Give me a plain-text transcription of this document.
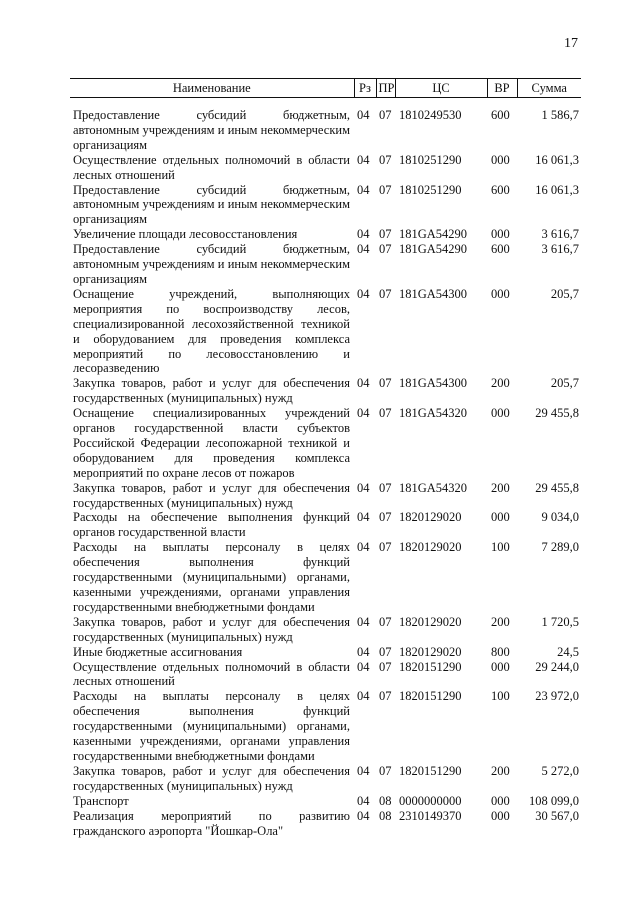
17
Наименование	Рз	ПР	ЦС	ВР	Сумма

Предоставление субсидий бюджетным, автономным учреждениям и иным некоммерческим организациям	04	07	1810249530	600	1 586,7
Осуществление отдельных полномочий в области лесных отношений	04	07	1810251290	000	16 061,3
Предоставление субсидий бюджетным, автономным учреждениям и иным некоммерческим организациям	04	07	1810251290	600	16 061,3
Увеличение площади лесовосстановления	04	07	181GA54290	000	3 616,7
Предоставление субсидий бюджетным, автономным учреждениям и иным некоммерческим организациям	04	07	181GA54290	600	3 616,7
Оснащение учреждений, выполняющих мероприятия по воспроизводству лесов, специализированной лесохозяйственной техникой и оборудованием для проведения комплекса мероприятий по лесовосстановлению и лесоразведению	04	07	181GA54300	000	205,7
Закупка товаров, работ и услуг для обеспечения государственных (муниципальных) нужд	04	07	181GA54300	200	205,7
Оснащение специализированных учреждений органов государственной власти субъектов Российской Федерации лесопожарной техникой и оборудованием для проведения комплекса мероприятий по охране лесов от пожаров	04	07	181GA54320	000	29 455,8
Закупка товаров, работ и услуг для обеспечения государственных (муниципальных) нужд	04	07	181GA54320	200	29 455,8
Расходы на обеспечение выполнения функций органов государственной власти	04	07	1820129020	000	9 034,0
Расходы на выплаты персоналу в целях обеспечения выполнения функций государственными (муниципальными) органами, казенными учреждениями, органами управления государственными внебюджетными фондами	04	07	1820129020	100	7 289,0
Закупка товаров, работ и услуг для обеспечения государственных (муниципальных) нужд	04	07	1820129020	200	1 720,5
Иные бюджетные ассигнования	04	07	1820129020	800	24,5
Осуществление отдельных полномочий в области лесных отношений	04	07	1820151290	000	29 244,0
Расходы на выплаты персоналу в целях обеспечения выполнения функций государственными (муниципальными) органами, казенными учреждениями, органами управления государственными внебюджетными фондами	04	07	1820151290	100	23 972,0
Закупка товаров, работ и услуг для обеспечения государственных (муниципальных) нужд	04	07	1820151290	200	5 272,0
Транспорт	04	08	0000000000	000	108 099,0
Реализация мероприятий по развитию гражданского аэропорта "Йошкар-Ола"	04	08	2310149370	000	30 567,0
